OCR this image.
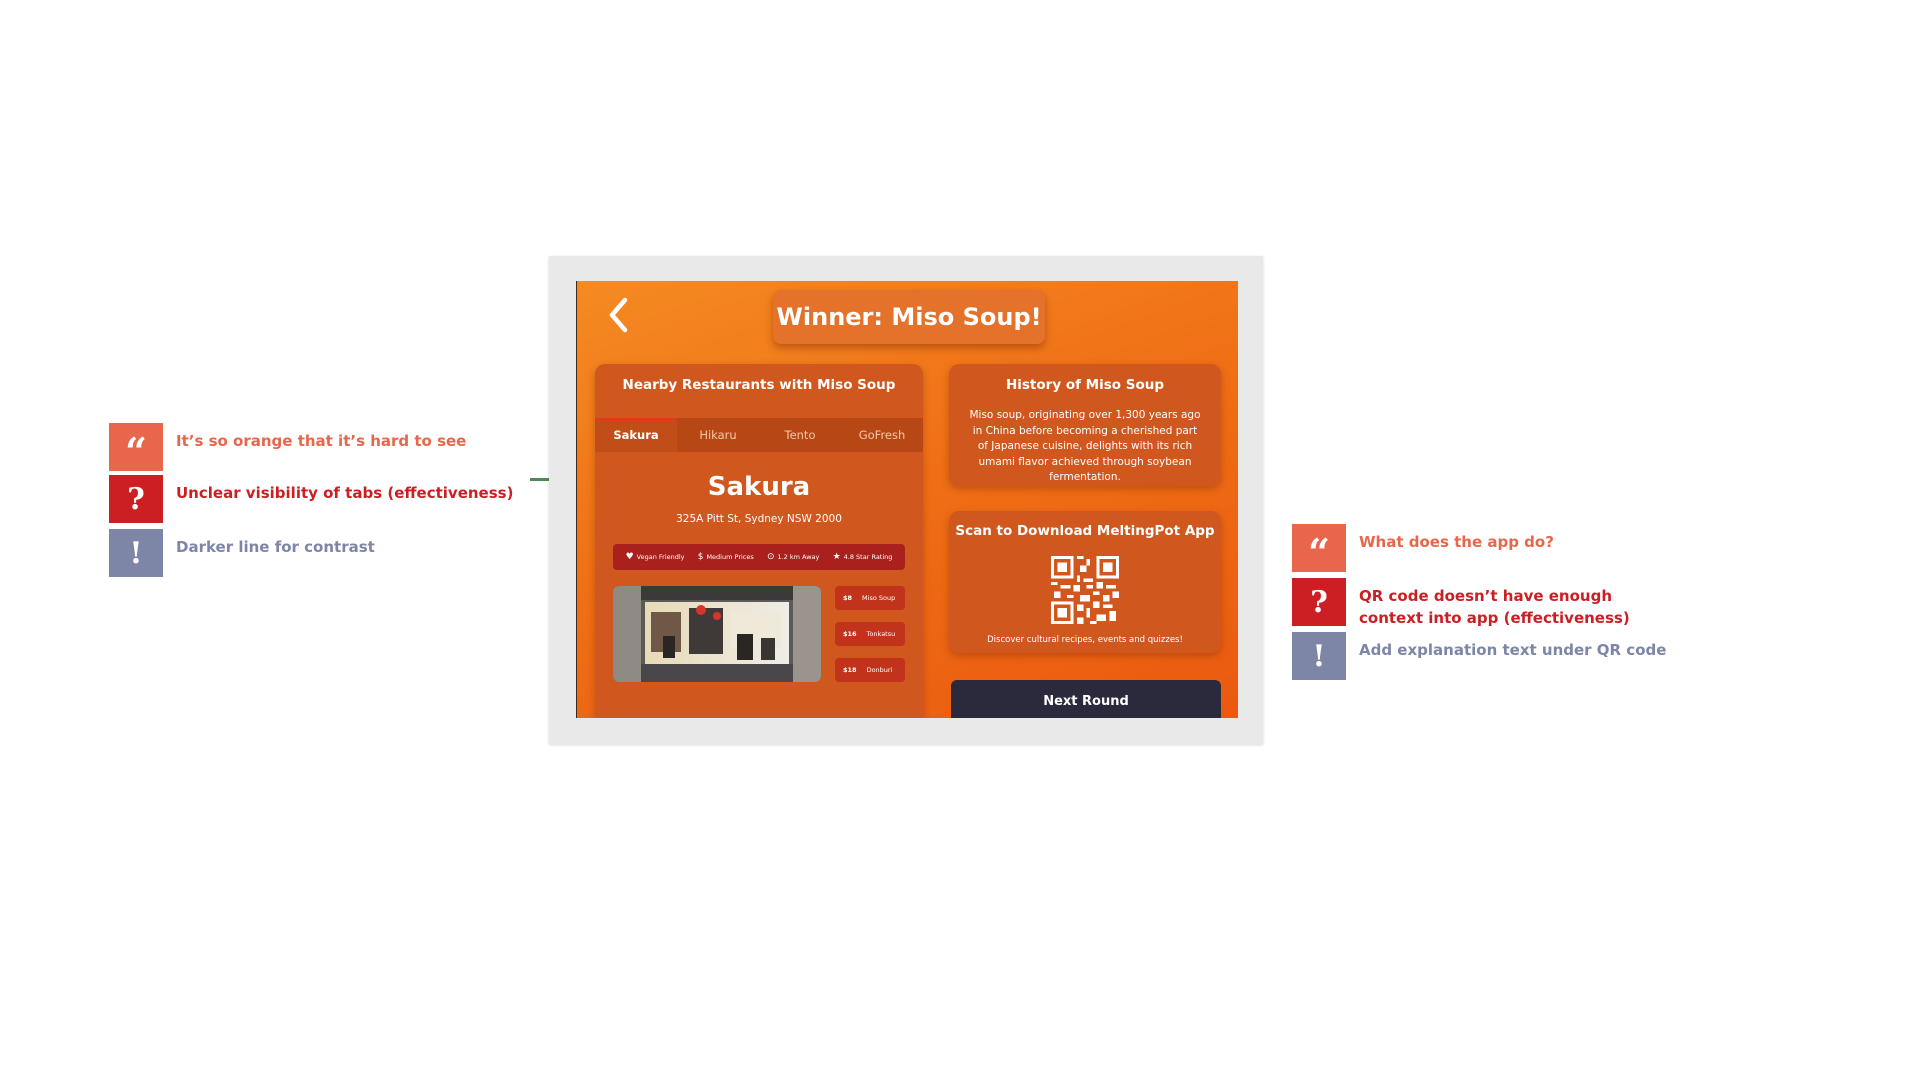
“	It’s so orange that it’s hard to see
?	Unclear visibility of tabs (effectiveness)
!	Darker line for contrast	“	What does the app do?
?	QR code doesn’t have enough context into app (effectiveness)
!	Add explanation text under QR code
Winner: Miso Soup!
Nearby Restaurants with Miso Soup
Sakura	Hikaru	Tento	GoFresh
Sakura
325A Pitt St, Sydney NSW 2000
♥ Vegan Friendly $ Medium Prices ⊙ 1.2 km Away ★ 4.8 Star Rating
$8 Miso Soup
$16 Tonkatsu
$18 Donburi
History of Miso Soup
Miso soup, originating over 1,300 years ago in China before becoming a cherished part of Japanese cuisine, delights with its rich umami flavor achieved through soybean fermentation.
Scan to Download MeltingPot App
Discover cultural recipes, events and quizzes!
Next Round
